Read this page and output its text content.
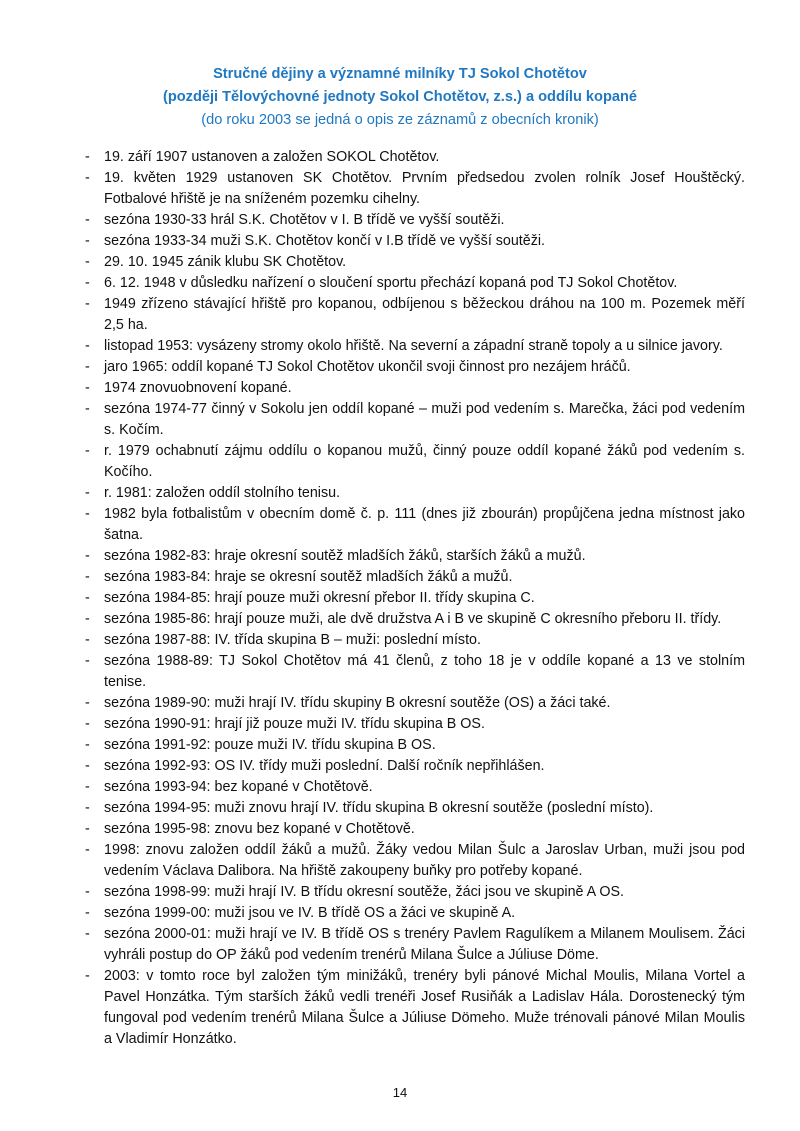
Stručné dějiny a významné milníky TJ Sokol Chotětov
(později Tělovýchovné jednoty Sokol Chotětov, z.s.) a oddílu kopané
(do roku 2003 se jedná o opis ze záznamů z obecních kronik)
- 19. září 1907 ustanoven a založen SOKOL Chotětov.
- 19. květen 1929 ustanoven SK Chotětov. Prvním předsedou zvolen rolník Josef Houštěcký. Fotbalové hřiště je na sníženém pozemku cihelny.
- sezóna 1930-33 hrál S.K. Chotětov v I. B třídě ve vyšší soutěži.
- sezóna 1933-34 muži S.K. Chotětov končí v I.B třídě ve vyšší soutěži.
- 29. 10. 1945 zánik klubu SK Chotětov.
- 6. 12. 1948 v důsledku nařízení o sloučení sportu přechází kopaná pod TJ Sokol Chotětov.
- 1949 zřízeno stávající hřiště pro kopanou, odbíjenou s běžeckou dráhou na 100 m. Pozemek měří 2,5 ha.
- listopad 1953: vysázeny stromy okolo hřiště. Na severní a západní straně topoly a u silnice javory.
- jaro 1965: oddíl kopané TJ Sokol Chotětov ukončil svoji činnost pro nezájem hráčů.
- 1974 znovuobnovení kopané.
- sezóna 1974-77 činný v Sokolu jen oddíl kopané – muži pod vedením s. Marečka, žáci pod vedením s. Kočím.
- r. 1979 ochabnutí zájmu oddílu o kopanou mužů, činný pouze oddíl kopané žáků pod vedením s. Kočího.
- r. 1981: založen oddíl stolního tenisu.
- 1982 byla fotbalistům v obecním domě č. p. 111 (dnes již zbourán) propůjčena jedna místnost jako šatna.
- sezóna 1982-83: hraje okresní soutěž mladších žáků, starších žáků a mužů.
- sezóna 1983-84: hraje se okresní soutěž mladších žáků a mužů.
- sezóna 1984-85: hrají pouze muži okresní přebor II. třídy skupina C.
- sezóna 1985-86: hrají pouze muži, ale dvě družstva A i B ve skupině C okresního přeboru II. třídy.
- sezóna 1987-88: IV. třída skupina B – muži: poslední místo.
- sezóna 1988-89: TJ Sokol Chotětov má 41 členů, z toho 18 je v oddíle kopané a 13 ve stolním tenise.
- sezóna 1989-90: muži hrají IV. třídu skupiny B okresní soutěže (OS) a žáci také.
- sezóna 1990-91: hrají již pouze muži IV. třídu skupina B OS.
- sezóna 1991-92: pouze muži IV. třídu skupina B OS.
- sezóna 1992-93: OS IV. třídy muži poslední. Další ročník nepřihlášen.
- sezóna 1993-94: bez kopané v Chotětově.
- sezóna 1994-95: muži znovu hrají IV. třídu skupina B okresní soutěže (poslední místo).
- sezóna 1995-98: znovu bez kopané v Chotětově.
- 1998: znovu založen oddíl žáků a mužů. Žáky vedou Milan Šulc a Jaroslav Urban, muži jsou pod vedením Václava Dalibora. Na hřiště zakoupeny buňky pro potřeby kopané.
- sezóna 1998-99: muži hrají IV. B třídu okresní soutěže, žáci jsou ve skupině A OS.
- sezóna 1999-00: muži jsou ve IV. B třídě OS a žáci ve skupině A.
- sezóna 2000-01: muži hrají ve IV. B třídě OS s trenéry Pavlem Ragulíkem a Milanem Moulisem. Žáci vyhráli postup do OP žáků pod vedením trenérů Milana Šulce a Júliuse Döme.
- 2003: v tomto roce byl založen tým minižáků, trenéry byli pánové Michal Moulis, Milana Vortel a Pavel Honzátka. Tým starších žáků vedli trenéři Josef Rusiňák a Ladislav Hála. Dorostenecký tým fungoval pod vedením trenérů Milana Šulce a Júliuse Dömeho. Muže trénovali pánové Milan Moulis a Vladimír Honzátko.
14
